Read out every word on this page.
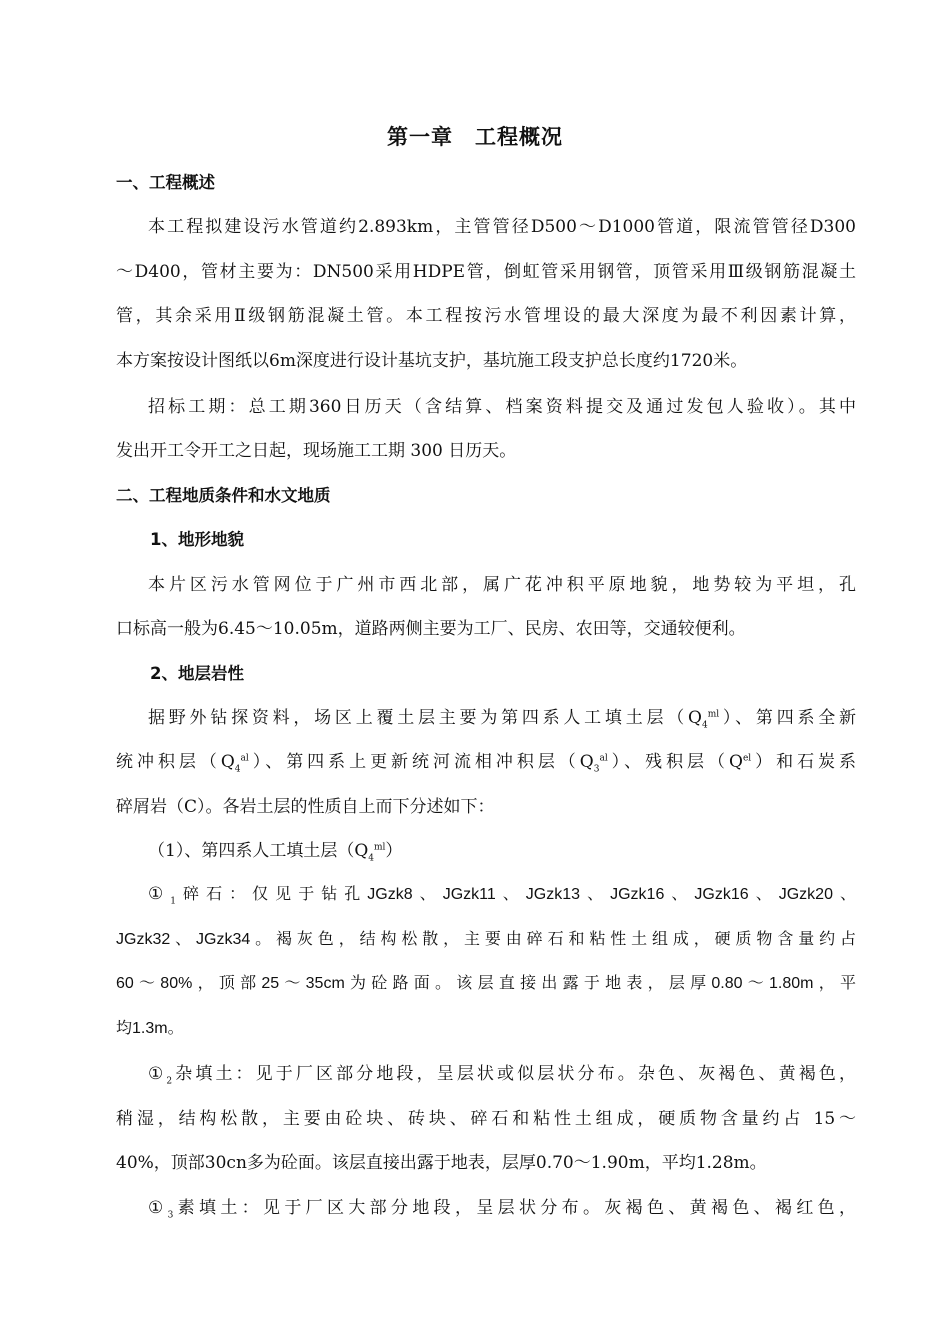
第一章　工程概况
一、工程概述
本工程拟建设污水管道约2.893km，主管管径D500～D1000管道，限流管管径D300
～D400，管材主要为：DN500采用HDPE管，倒虹管采用钢管，顶管采用Ⅲ级钢筋混凝土
管，其余采用Ⅱ级钢筋混凝土管。本工程按污水管埋设的最大深度为最不利因素计算，
本方案按设计图纸以6m深度进行设计基坑支护，基坑施工段支护总长度约1720米。
招标工期：总工期360日历天（含结算、档案资料提交及通过发包人验收）。其中
发出开工令开工之日起，现场施工工期 300 日历天。
二、工程地质条件和水文地质
1、地形地貌
本片区污水管网位于广州市西北部，属广花冲积平原地貌，地势较为平坦，孔
口标高一般为6.45～10.05m，道路两侧主要为工厂、民房、农田等，交通较便利。
2、地层岩性
据野外钻探资料，场区上覆土层主要为第四系人工填土层$(Q_4^{ml})$、第四系全新
统冲积层$(Q_4^{al})$、第四系上更新统河流相冲积层$(Q_3^{al})$、残积层$(Q^{el})$和石炭系
碎屑岩（C）。各岩土层的性质自上而下分述如下：
（1）、第四系人工填土层$(Q_4^{ml})$
$①_1$碎石：仅见于钻孔JGzk8、JGzk11、JGzk13、JGzk16、JGzk16、JGzk20、
JGzk32、JGzk34。褐灰色，结构松散，主要由碎石和粘性土组成，硬质物含量约占
60～80%，顶部25～35cm为砼路面。该层直接出露于地表，层厚0.80～1.80m，平
均1.3m。
$①_2$杂填土：见于厂区部分地段，呈层状或似层状分布。杂色、灰褐色、黄褐色，
稍湿，结构松散，主要由砼块、砖块、碎石和粘性土组成，硬质物含量约占 15～
40%，顶部30cn多为砼面。该层直接出露于地表，层厚0.70～1.90m，平均1.28m。
$①_3$素填土：见于厂区大部分地段，呈层状分布。灰褐色、黄褐色、褐红色，
